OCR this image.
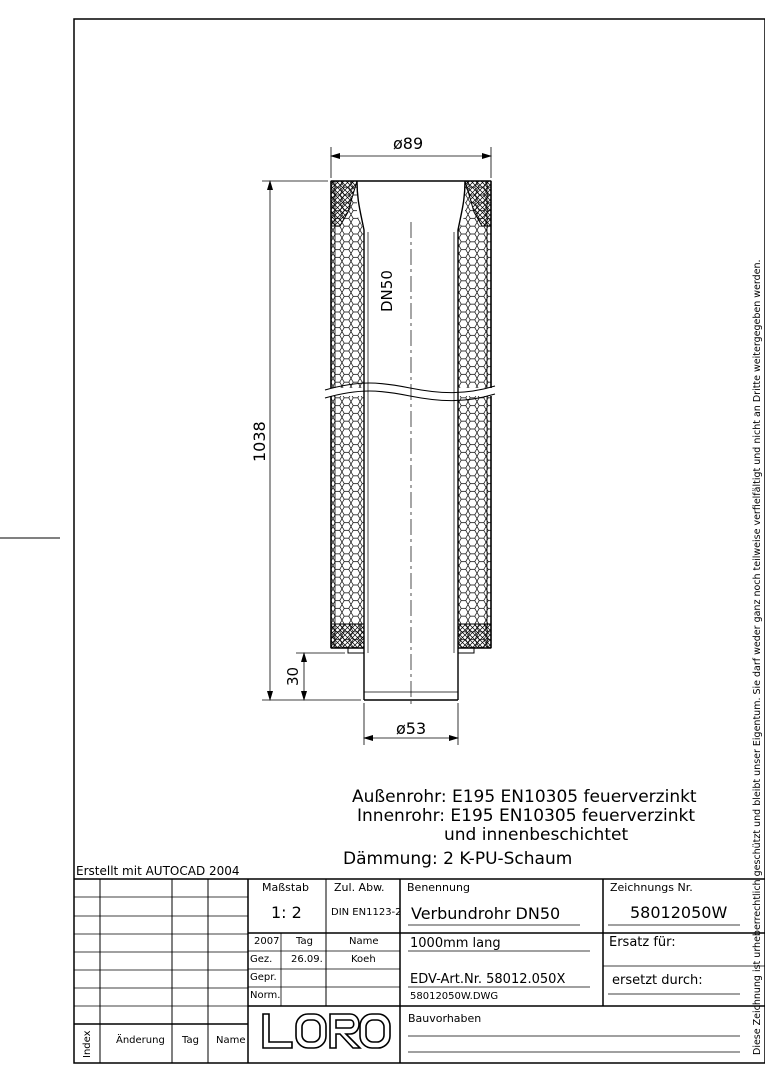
ø89
ø53
1038
30
DN50
Außenrohr: E195 EN10305 feuerverzinkt
Innenrohr: E195 EN10305 feuerverzinkt
und innenbeschichtet
Dämmung: 2 K-PU-Schaum
Erstellt mit AUTOCAD 2004
Maßstab
1: 2
Zul. Abw.
DIN EN1123-2
Benennung
Verbundrohr DN50
Zeichnungs Nr.
58012050W
2007 Tag	Name
Gez. 26.09.	Koeh
Gepr.
Norm.
1000mm lang
EDV-Art.Nr. 58012.050X
58012050W.DWG
Ersatz für:
ersetzt durch:
Bauvorhaben
Index Änderung Tag Name	Diese Zeichnung ist urheberrechtlich geschützt und bleibt unser Eigentum. Sie darf weder ganz noch teilweise verfielfältigt und nicht an Dritte weitergegeben werden.
